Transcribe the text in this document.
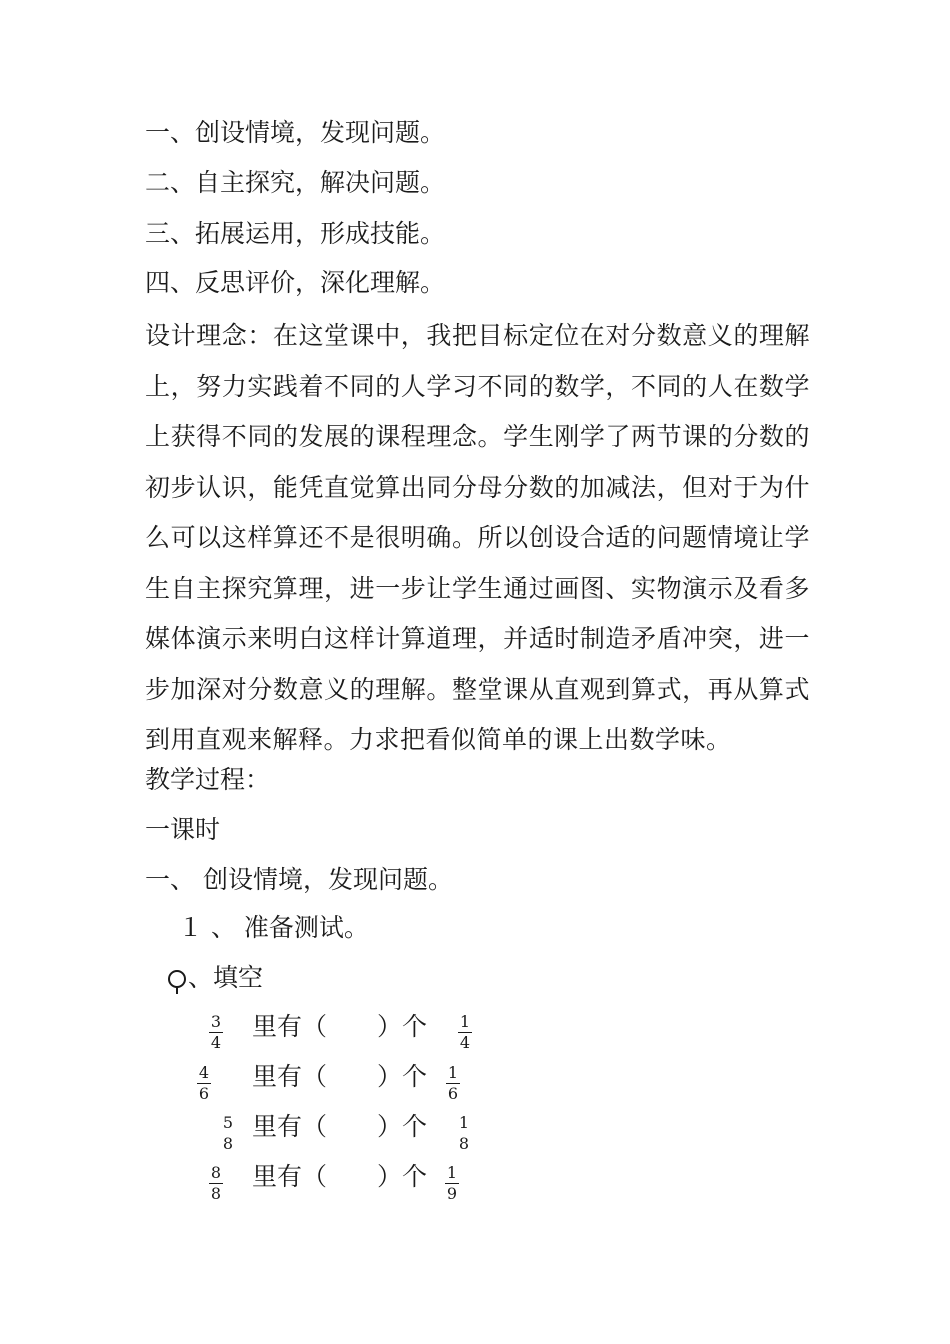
一、创设情境，发现问题。
二、自主探究，解决问题。
三、拓展运用，形成技能。
四、反思评价，深化理解。
设计理念：在这堂课中，我把目标定位在对分数意义的理解上，努力实践着不同的人学习不同的数学，不同的人在数学上获得不同的发展的课程理念。学生刚学了两节课的分数的初步认识，能凭直觉算出同分母分数的加减法，但对于为什么可以这样算还不是很明确。所以创设合适的问题情境让学生自主探究算理，进一步让学生通过画图、实物演示及看多媒体演示来明白这样计算道理，并适时制造矛盾冲突，进一步加深对分数意义的理解。整堂课从直观到算式，再从算式到用直观来解释。力求把看似简单的课上出数学味。
教学过程：
一课时
一、 创设情境，发现问题。
１ 、 准备测试。
、填空
3
4
里有（　　）个 1
4
4
6
里有（　　）个 1
6
5
8
里有（　　）个 1
8
8
8
里有（　　）个 1
9
